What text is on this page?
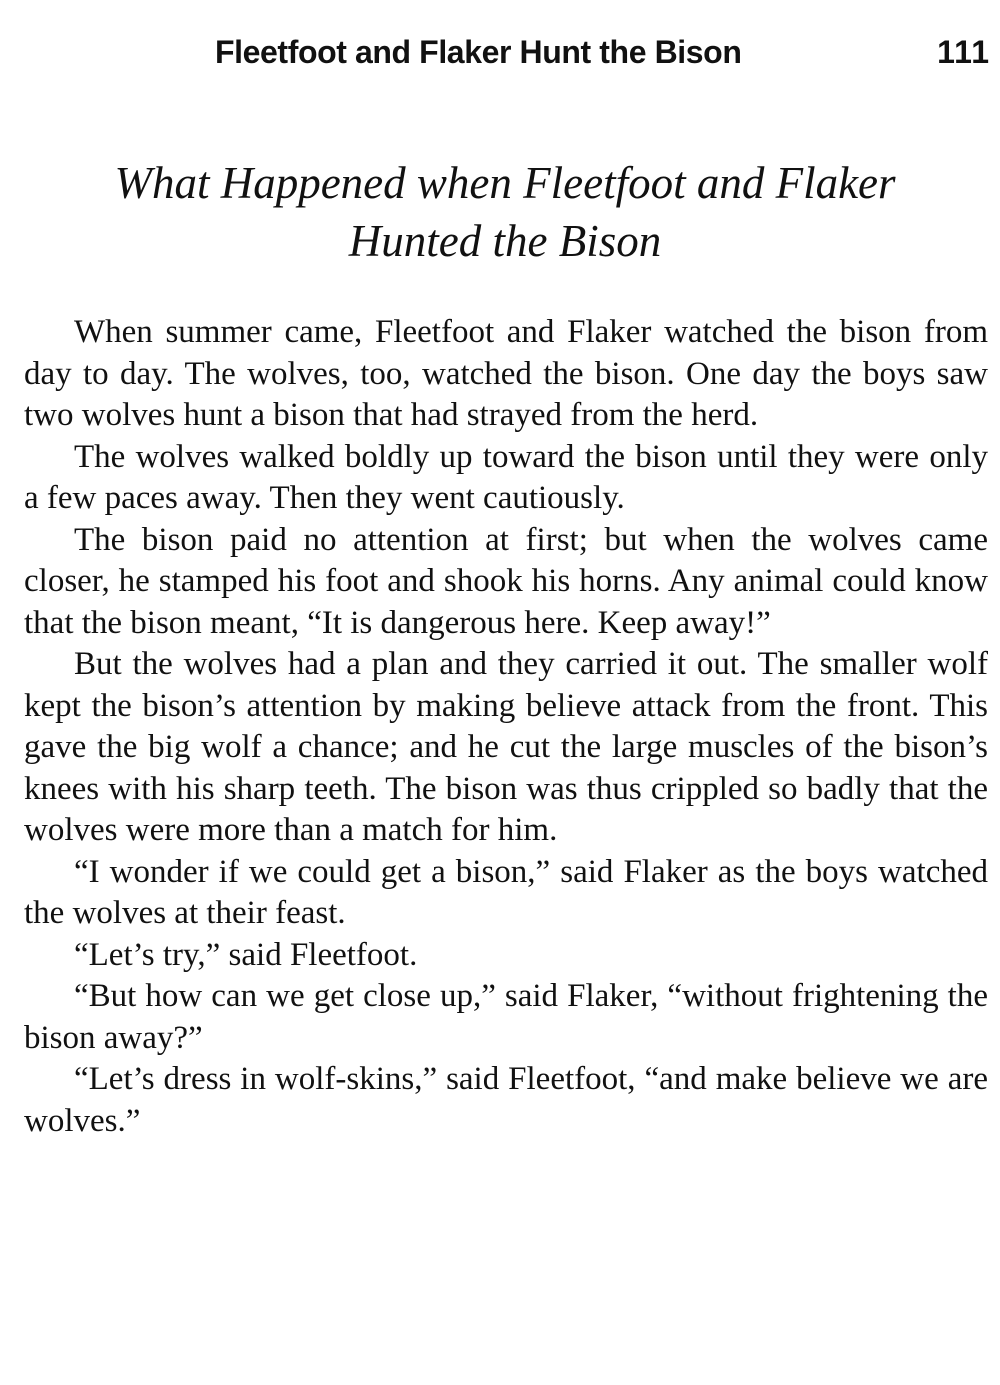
Fleetfoot and Flaker Hunt the Bison	111
What Happened when Fleetfoot and Flaker
Hunted the Bison

When summer came, Fleetfoot and Flaker watched the bison from day to day. The wolves, too, watched the bison. One day the boys saw two wolves hunt a bison that had strayed from the herd.

The wolves walked boldly up toward the bison until they were only a few paces away. Then they went cautiously.

The bison paid no attention at first; but when the wolves came closer, he stamped his foot and shook his horns. Any animal could know that the bison meant, “It is dangerous here. Keep away!”

But the wolves had a plan and they carried it out. The smaller wolf kept the bison’s attention by making believe attack from the front. This gave the big wolf a chance; and he cut the large muscles of the bison’s knees with his sharp teeth. The bison was thus crippled so badly that the wolves were more than a match for him.

“I wonder if we could get a bison,” said Flaker as the boys watched the wolves at their feast.

“Let’s try,” said Fleetfoot.

“But how can we get close up,” said Flaker, “without frightening the bison away?”

“Let’s dress in wolf-skins,” said Fleetfoot, “and make believe we are wolves.”
